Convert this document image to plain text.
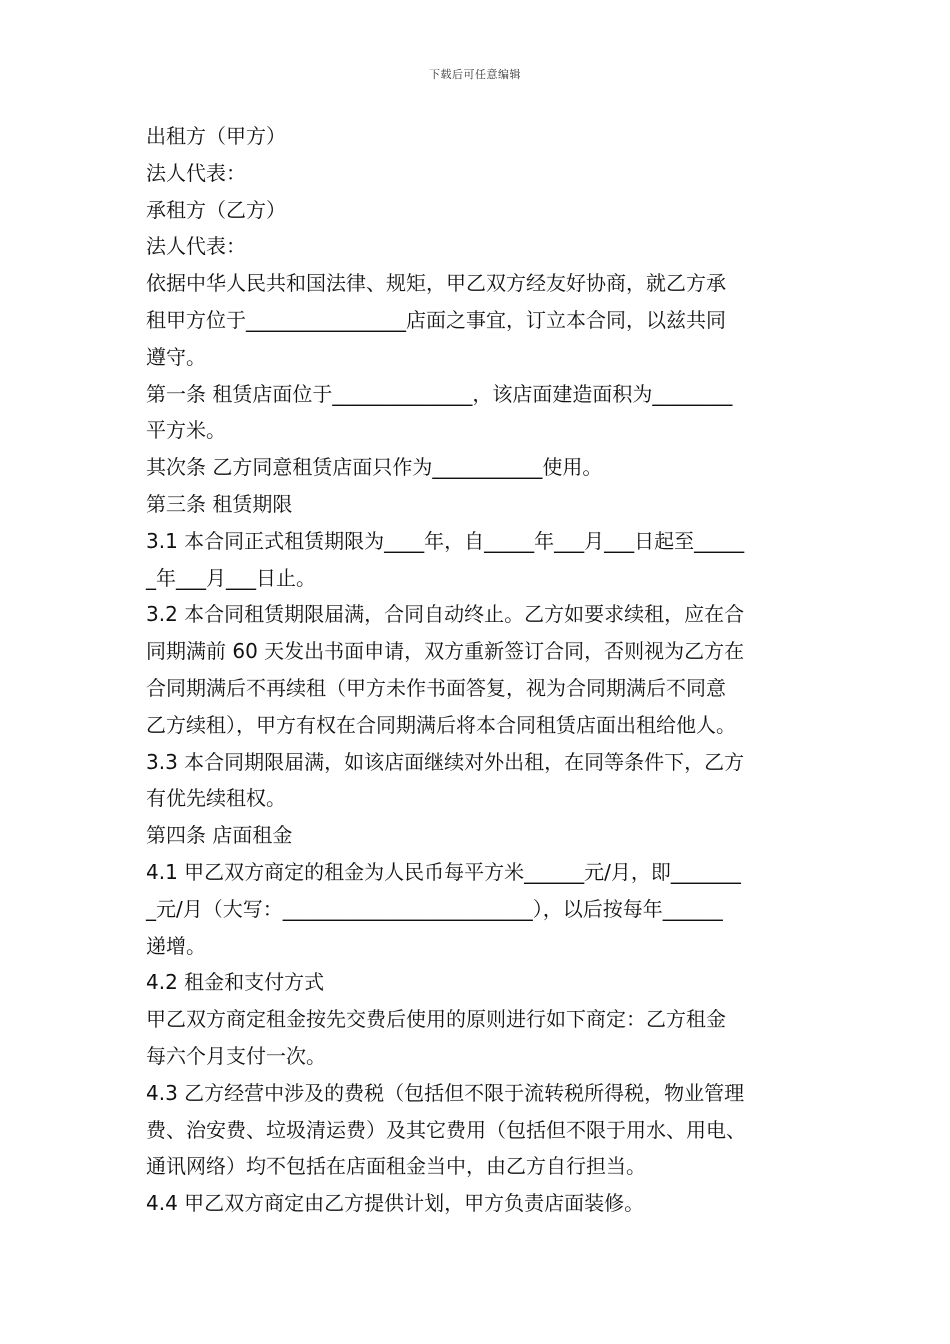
下载后可任意编辑
出租方（甲方）
法人代表：
承租方（乙方）
法人代表：
依据中华人民共和国法律、规矩，甲乙双方经友好协商，就乙方承
租甲方位于________________店面之事宜，订立本合同，以兹共同
遵守。
第一条 租赁店面位于______________，该店面建造面积为________
平方米。
其次条 乙方同意租赁店面只作为___________使用。
第三条 租赁期限
3.1 本合同正式租赁期限为____年，自_____年___月___日起至_____
_年___月___日止。
3.2 本合同租赁期限届满，合同自动终止。乙方如要求续租，应在合
同期满前 60 天发出书面申请，双方重新签订合同，否则视为乙方在
合同期满后不再续租（甲方未作书面答复，视为合同期满后不同意
乙方续租），甲方有权在合同期满后将本合同租赁店面出租给他人。
3.3 本合同期限届满，如该店面继续对外出租，在同等条件下，乙方
有优先续租权。
第四条 店面租金
4.1 甲乙双方商定的租金为人民币每平方米______元/月，即_______
_元/月（大写：_________________________），以后按每年______
递增。
4.2 租金和支付方式
甲乙双方商定租金按先交费后使用的原则进行如下商定：乙方租金
每六个月支付一次。
4.3 乙方经营中涉及的费税（包括但不限于流转税所得税，物业管理
费、治安费、垃圾清运费）及其它费用（包括但不限于用水、用电、
通讯网络）均不包括在店面租金当中，由乙方自行担当。
4.4 甲乙双方商定由乙方提供计划，甲方负责店面装修。
